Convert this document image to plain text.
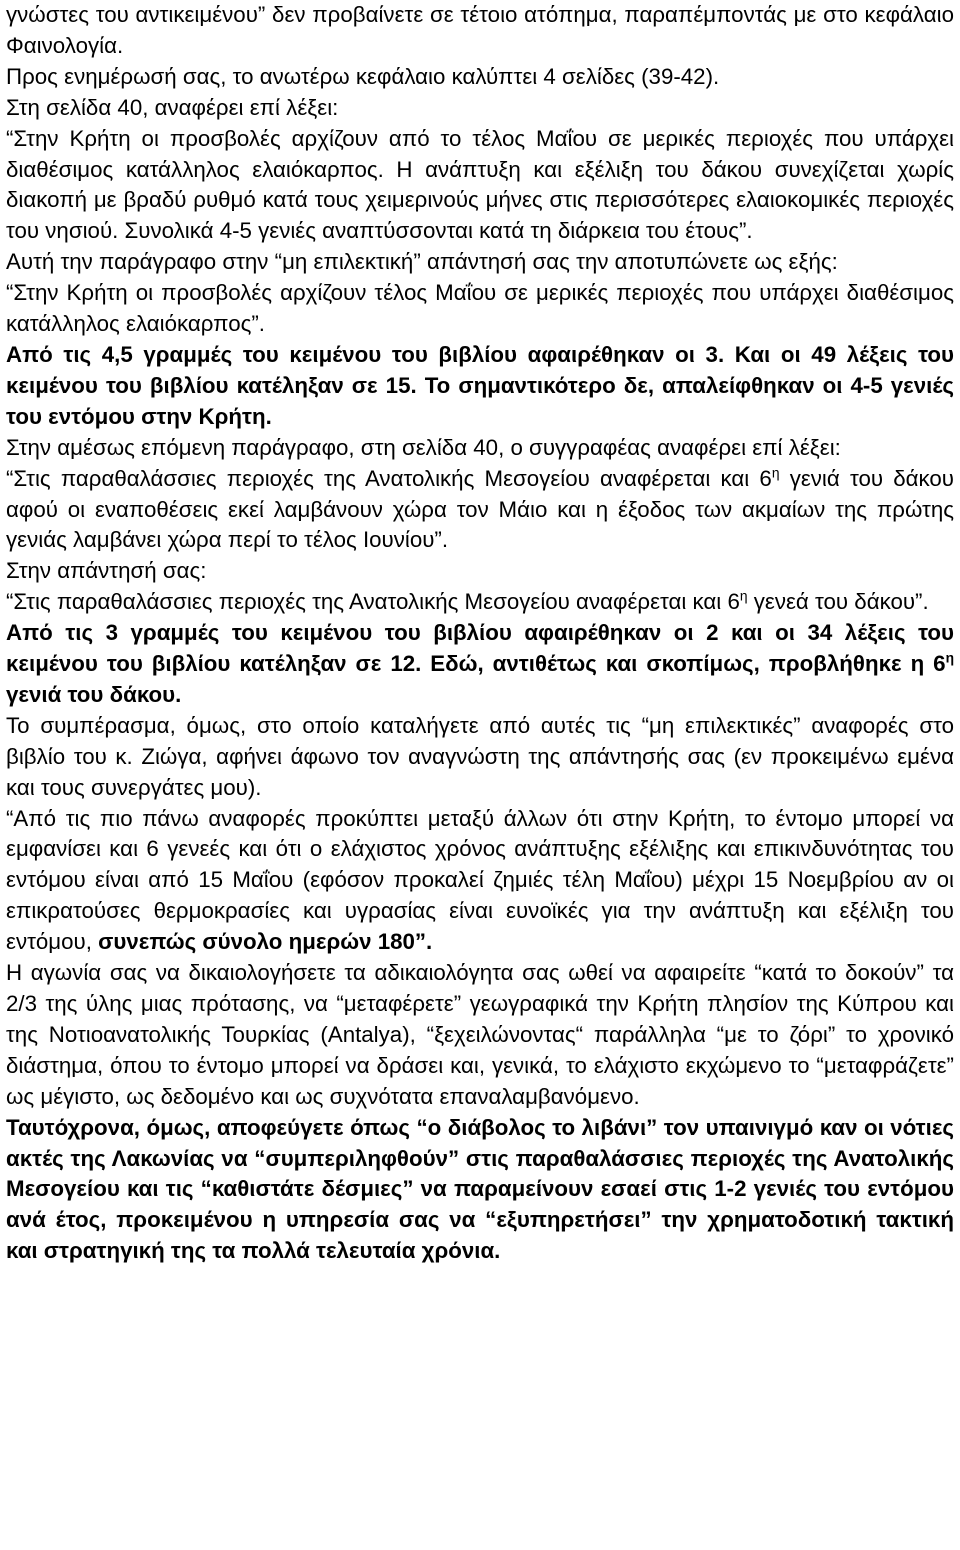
γνώστες του αντικειμένου” δεν προβαίνετε σε τέτοιο ατόπημα, παραπέμποντάς με στο κεφάλαιο Φαινολογία.

Προς ενημέρωσή σας, το ανωτέρω κεφάλαιο καλύπτει 4 σελίδες (39-42).

Στη σελίδα 40, αναφέρει επί λέξει:

“Στην Κρήτη οι προσβολές αρχίζουν από το τέλος Μαΐου σε μερικές περιοχές που υπάρχει διαθέσιμος κατάλληλος ελαιόκαρπος. Η ανάπτυξη και εξέλιξη του δάκου συνεχίζεται χωρίς διακοπή με βραδύ ρυθμό κατά τους χειμερινούς μήνες στις περισσότερες ελαιοκομικές περιοχές του νησιού. Συνολικά 4-5 γενιές αναπτύσσονται κατά τη διάρκεια του έτους”.

Αυτή την παράγραφο στην “μη επιλεκτική” απάντησή σας την αποτυπώνετε ως εξής:

“Στην Κρήτη οι προσβολές αρχίζουν τέλος Μαΐου σε μερικές περιοχές που υπάρχει διαθέσιμος κατάλληλος ελαιόκαρπος”.

Από τις 4,5 γραμμές του κειμένου του βιβλίου αφαιρέθηκαν οι 3. Και οι 49 λέξεις του κειμένου του βιβλίου κατέληξαν σε 15. Το σημαντικότερο δε, απαλείφθηκαν οι 4-5 γενιές του εντόμου στην Κρήτη.

Στην αμέσως επόμενη παράγραφο, στη σελίδα 40, ο συγγραφέας αναφέρει επί λέξει:

“Στις παραθαλάσσιες περιοχές της Ανατολικής Μεσογείου αναφέρεται και $6^\eta$ γενιά του δάκου αφού οι εναποθέσεις εκεί λαμβάνουν χώρα τον Μάιο και η έξοδος των ακμαίων της πρώτης γενιάς λαμβάνει χώρα περί το τέλος Ιουνίου”.

Στην απάντησή σας:

“Στις παραθαλάσσιες περιοχές της Ανατολικής Μεσογείου αναφέρεται και $6^\eta$ γενεά του δάκου”.

Από τις 3 γραμμές του κειμένου του βιβλίου αφαιρέθηκαν οι 2 και οι 34 λέξεις του κειμένου του βιβλίου κατέληξαν σε 12. Εδώ, αντιθέτως και σκοπίμως, προβλήθηκε η $6^\eta$ γενιά του δάκου.

Το συμπέρασμα, όμως, στο οποίο καταλήγετε από αυτές τις “μη επιλεκτικές” αναφορές στο βιβλίο του κ. Ζιώγα, αφήνει άφωνο τον αναγνώστη της απάντησής σας (εν προκειμένω εμένα και τους συνεργάτες μου).

“Από τις πιο πάνω αναφορές προκύπτει μεταξύ άλλων ότι στην Κρήτη, το έντομο μπορεί να εμφανίσει και 6 γενεές και ότι ο ελάχιστος χρόνος ανάπτυξης εξέλιξης και επικινδυνότητας του εντόμου είναι από 15 Μαΐου (εφόσον προκαλεί ζημιές τέλη Μαΐου) μέχρι 15 Νοεμβρίου αν οι επικρατούσες θερμοκρασίες και υγρασίας είναι ευνοϊκές για την ανάπτυξη και εξέλιξη του εντόμου, συνεπώς σύνολο ημερών 180”.

Η αγωνία σας να δικαιολογήσετε τα αδικαιολόγητα σας ωθεί να αφαιρείτε “κατά το δοκούν” τα 2/3 της ύλης μιας πρότασης, να “μεταφέρετε” γεωγραφικά την Κρήτη πλησίον της Κύπρου και της Νοτιοανατολικής Τουρκίας (Antalya), “ξεχειλώνοντας“ παράλληλα “με το ζόρι” το χρονικό διάστημα, όπου το έντομο μπορεί να δράσει και, γενικά, το ελάχιστο εκχώμενο το “μεταφράζετε” ως μέγιστο, ως δεδομένο και ως συχνότατα επαναλαμβανόμενο.

Ταυτόχρονα, όμως, αποφεύγετε όπως “ο διάβολος το λιβάνι” τον υπαινιγμό καν οι νότιες ακτές της Λακωνίας να “συμπεριληφθούν” στις παραθαλάσσιες περιοχές της Ανατολικής Μεσογείου και τις “καθιστάτε δέσμιες” να παραμείνουν εσαεί στις 1-2 γενιές του εντόμου ανά έτος, προκειμένου η υπηρεσία σας να “εξυπηρετήσει” την χρηματοδοτική τακτική και στρατηγική της τα πολλά τελευταία χρόνια.
